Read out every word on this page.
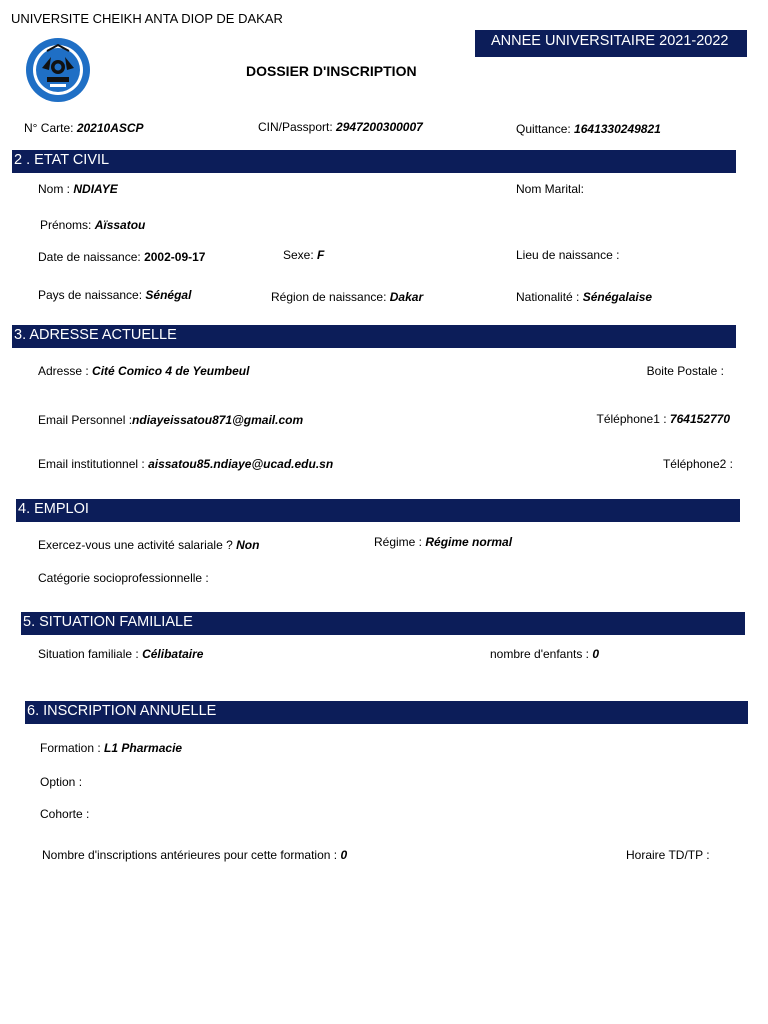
UNIVERSITE CHEIKH ANTA DIOP DE DAKAR
ANNEE UNIVERSITAIRE 2021-2022
DOSSIER D'INSCRIPTION
N° Carte: 20210ASCP	CIN/Passport: 2947200300007	Quittance: 1641330249821
2 . ETAT CIVIL
Nom : NDIAYE	Nom Marital:
Prénoms: Aïssatou
Date de naissance: 2002-09-17	Sexe: F	Lieu de naissance :
Pays de naissance: Sénégal	Région de naissance: Dakar	Nationalité : Sénégalaise
3. ADRESSE ACTUELLE
Adresse : Cité Comico 4 de Yeumbeul	Boite Postale :
Email Personnel :ndiayeissatou871@gmail.com	Téléphone1 : 764152770
Email institutionnel : aissatou85.ndiaye@ucad.edu.sn	Téléphone2 :
4. EMPLOI
Exercez-vous une activité salariale ? Non	Régime : Régime normal
Catégorie socioprofessionnelle :
5. SITUATION FAMILIALE
Situation familiale : Célibataire	nombre d'enfants : 0
6. INSCRIPTION ANNUELLE
Formation : L1 Pharmacie
Option :
Cohorte :
Nombre d'inscriptions antérieures pour cette formation : 0	Horaire TD/TP :
